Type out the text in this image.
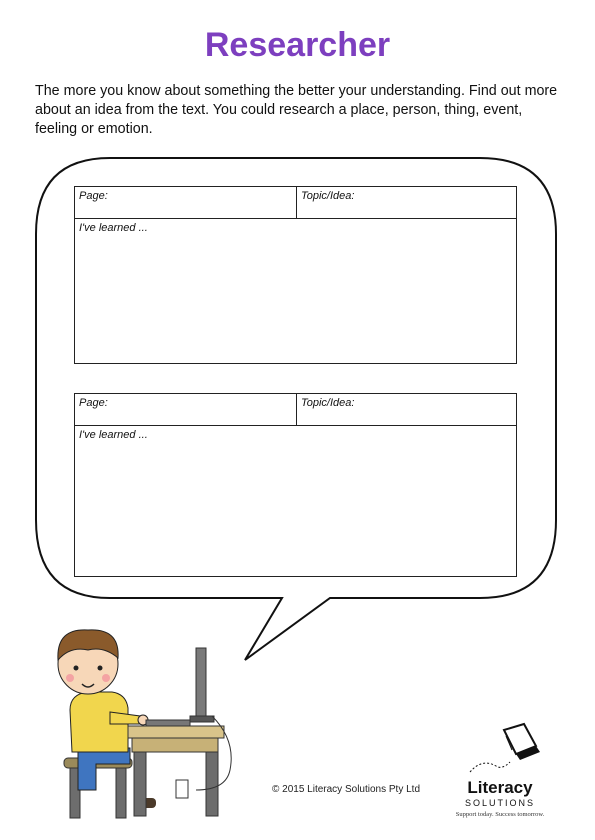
Researcher
The more you know about something the better your understanding. Find out more about an idea from the text. You could research a place, person, thing, event, feeling or emotion.
Page:	Topic/Idea:
I've learned ...
Page:	Topic/Idea:
I've learned ...
© 2015 Literacy Solutions Pty Ltd	Literacy
SOLUTIONS
Support today. Success tomorrow.
